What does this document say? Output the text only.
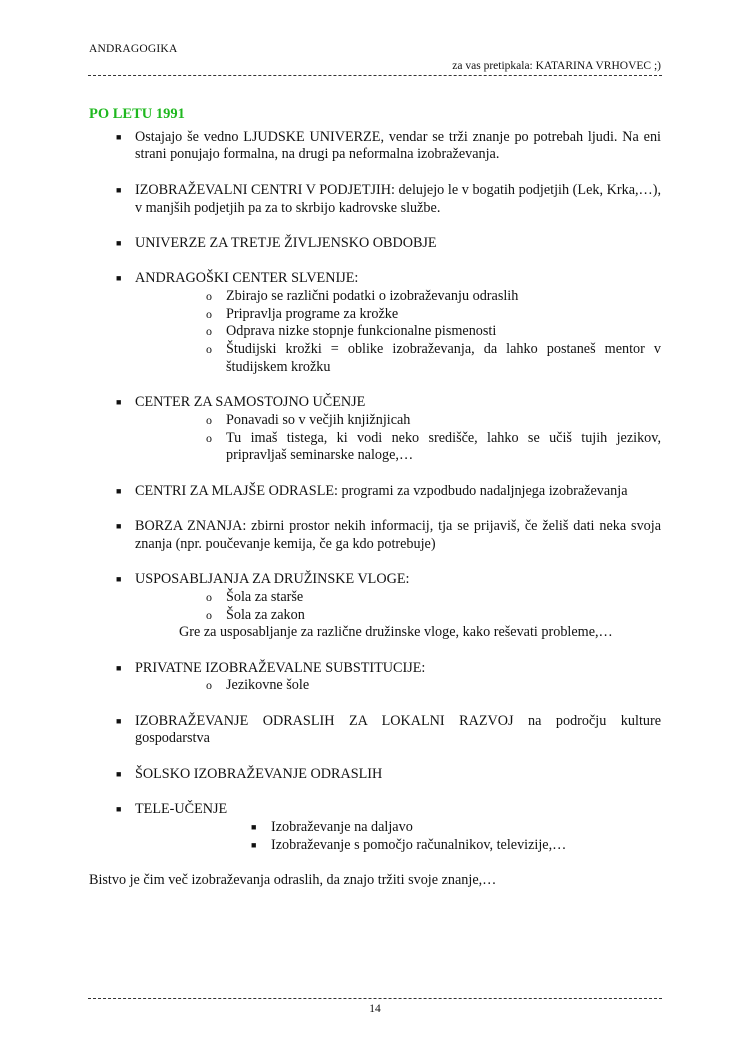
ANDRAGOGIKA
za vas pretipkala: KATARINA VRHOVEC ;)
PO LETU 1991
■ Ostajajo še vedno LJUDSKE UNIVERZE, vendar se trži znanje po potrebah ljudi. Na eni strani ponujajo formalna, na drugi pa neformalna izobraževanja.
■ IZOBRAŽEVALNI CENTRI V PODJETJIH: delujejo le v bogatih podjetjih (Lek, Krka,…), v manjših podjetjih pa za to skrbijo kadrovske službe.
■ UNIVERZE ZA TRETJE ŽIVLJENSKO OBDOBJE
■ ANDRAGOŠKI CENTER SLVENIJE:
o Zbirajo se različni podatki o izobraževanju odraslih
o Pripravlja programe za krožke
o Odprava nizke stopnje funkcionalne pismenosti
o Študijski krožki = oblike izobraževanja, da lahko postaneš mentor v študijskem krožku
■ CENTER ZA SAMOSTOJNO UČENJE
o Ponavadi so v večjih knjižnjicah
o Tu imaš tistega, ki vodi neko središče, lahko se učiš tujih jezikov, pripravljaš seminarske naloge,…
■ CENTRI ZA MLAJŠE ODRASLE: programi za vzpodbudo nadaljnjega izobraževanja
■ BORZA ZNANJA: zbirni prostor nekih informacij, tja se prijaviš, če želiš dati neka svoja znanja (npr. poučevanje kemija, če ga kdo potrebuje)
■ USPOSABLJANJA ZA DRUŽINSKE VLOGE:
o Šola za starše
o Šola za zakon
Gre za usposabljanje za različne družinske vloge, kako reševati probleme,…
■ PRIVATNE IZOBRAŽEVALNE SUBSTITUCIJE:
o Jezikovne šole
■ IZOBRAŽEVANJE ODRASLIH ZA LOKALNI RAZVOJ na področju kulture gospodarstva
■ ŠOLSKO IZOBRAŽEVANJE ODRASLIH
■ TELE-UČENJE
■ Izobraževanje na daljavo
■ Izobraževanje s pomočjo računalnikov, televizije,…
Bistvo je čim več izobraževanja odraslih, da znajo tržiti svoje znanje,…
14
